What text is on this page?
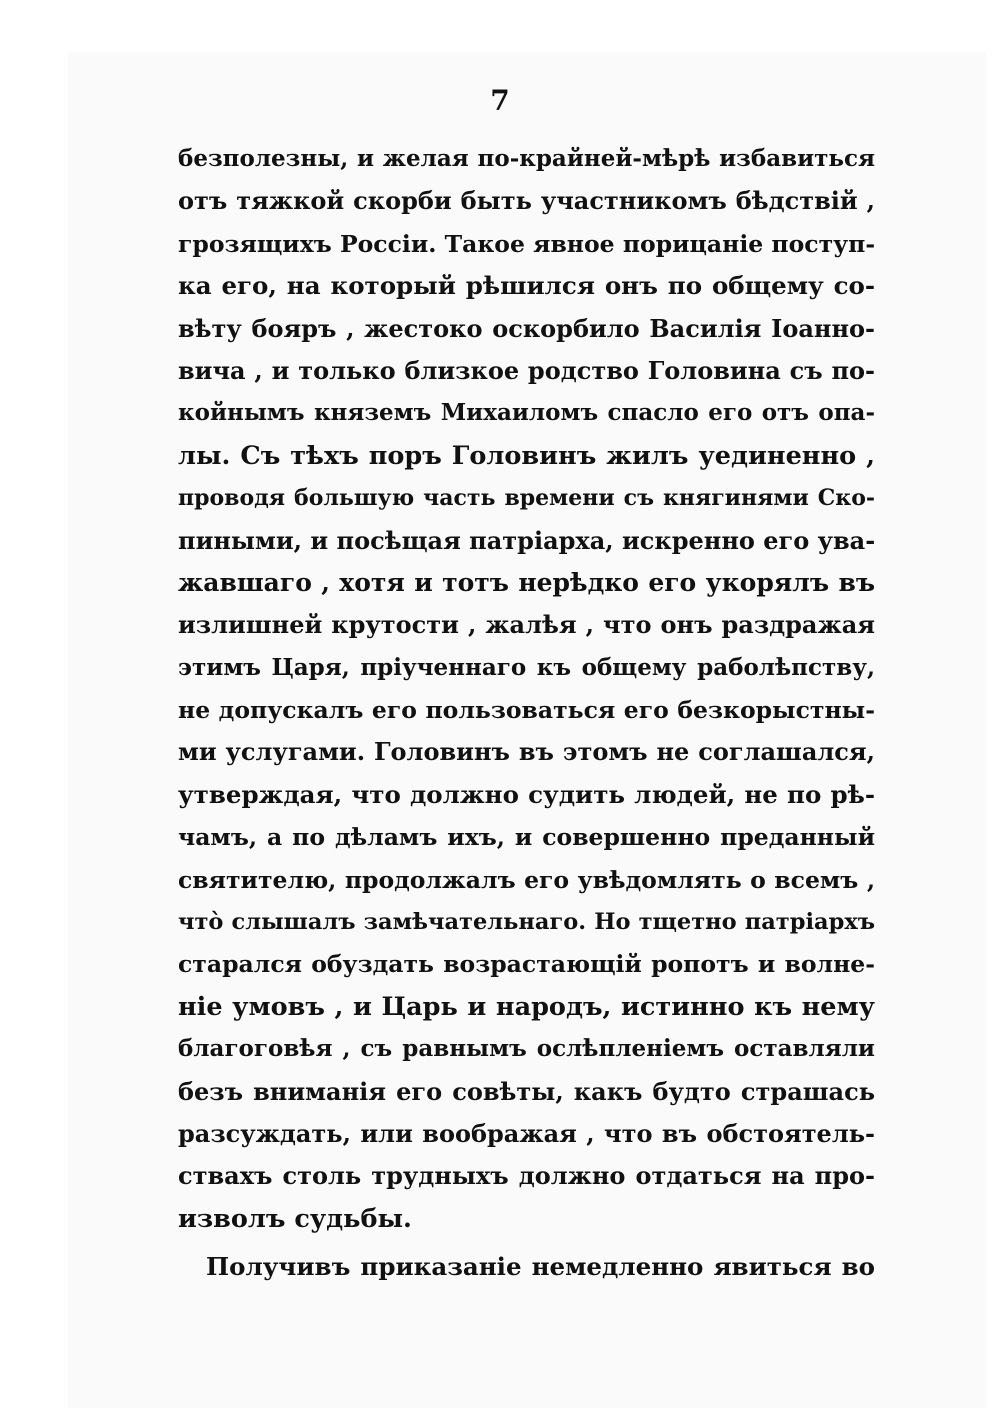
7
безполезны, и желая по-крайней-мѣрѣ избавиться
отъ тяжкой скорби быть участникомъ бѣдствій ,
грозящихъ Россіи. Такое явное порицаніе поступ-
ка его, на который рѣшился онъ по общему со-
вѣту бояръ , жестоко оскорбило Василія Іоанно-
вича , и только близкое родство Головина съ по-
койнымъ княземъ Михаиломъ спасло его отъ опа-
лы. Съ тѣхъ поръ Головинъ жилъ уединенно ,
проводя большую часть времени съ княгинями Ско-
пиными, и посѣщая патріарха, искренно его ува-
жавшаго , хотя и тотъ нерѣдко его укорялъ въ
излишней крутости , жалѣя , что онъ раздражая
этимъ Царя, пріученнаго къ общему раболѣпству,
не допускалъ его пользоваться его безкорыстны-
ми услугами. Головинъ въ этомъ не соглашался,
утверждая, что должно судить людей, не по рѣ-
чамъ, а по дѣламъ ихъ, и совершенно преданный
святителю, продолжалъ его увѣдомлять о всемъ ,
что̀ слышалъ замѣчательнаго. Но тщетно патріархъ
старался обуздать возрастающій ропотъ и волне-
ніе умовъ , и Царь и народъ, истинно къ нему
благоговѣя , съ равнымъ ослѣпленіемъ оставляли
безъ вниманія его совѣты, какъ будто страшась
разсуждать, или воображая , что въ обстоятель-
ствахъ столь трудныхъ должно отдаться на про-
изволъ судьбы.
Получивъ приказаніе немедленно явиться во
